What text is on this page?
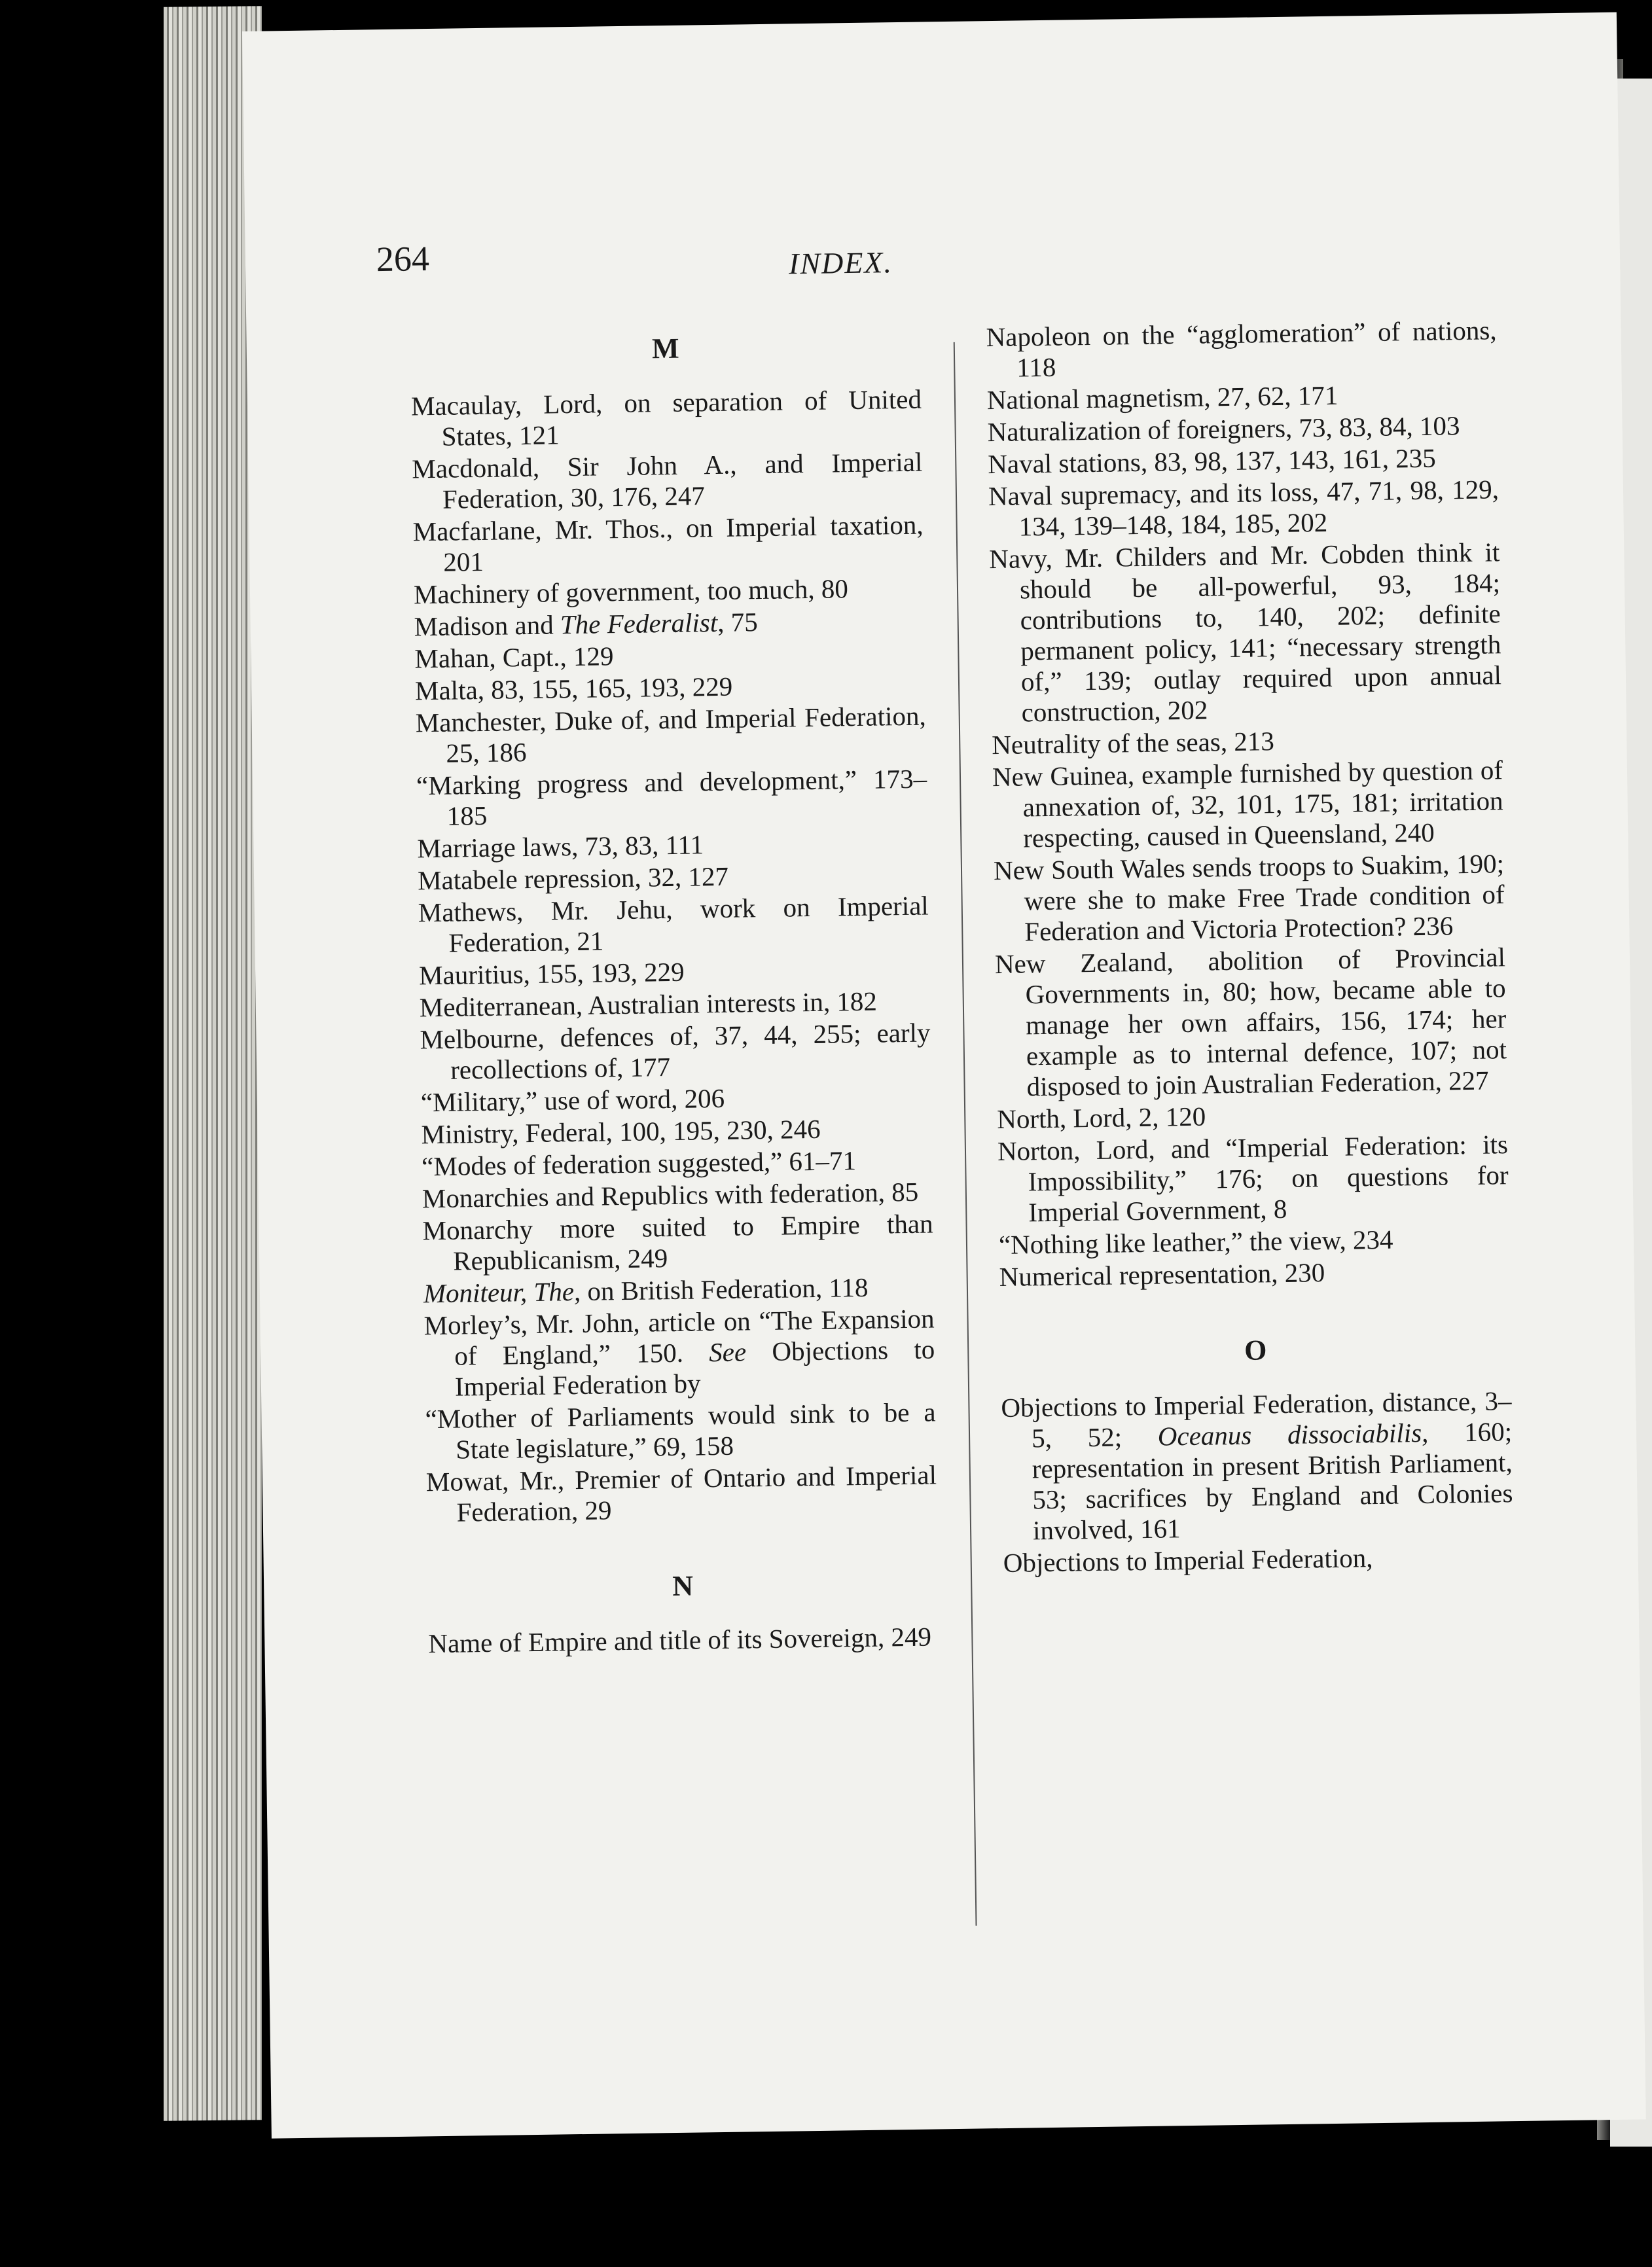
264	INDEX.
M
Macaulay, Lord, on separation of United States, 121
Macdonald, Sir John A., and Imperial Federation, 30, 176, 247
Macfarlane, Mr. Thos., on Imperial taxation, 201
Machinery of government, too much, 80
Madison and The Federalist, 75
Mahan, Capt., 129
Malta, 83, 155, 165, 193, 229
Manchester, Duke of, and Imperial Federation, 25, 186
“Marking progress and development,” 173–185
Marriage laws, 73, 83, 111
Matabele repression, 32, 127
Mathews, Mr. Jehu, work on Imperial Federation, 21
Mauritius, 155, 193, 229
Mediterranean, Australian interests in, 182
Melbourne, defences of, 37, 44, 255; early recollections of, 177
“Military,” use of word, 206
Ministry, Federal, 100, 195, 230, 246
“Modes of federation suggested,” 61–71
Monarchies and Republics with federation, 85
Monarchy more suited to Empire than Republicanism, 249
Moniteur, The, on British Federation, 118
Morley’s, Mr. John, article on “The Expansion of England,” 150. See Objections to Imperial Federation by
“Mother of Parliaments would sink to be a State legislature,” 69, 158
Mowat, Mr., Premier of Ontario and Imperial Federation, 29
N
Name of Empire and title of its Sovereign, 249
Napoleon on the “agglomeration” of nations, 118
National magnetism, 27, 62, 171
Naturalization of foreigners, 73, 83, 84, 103
Naval stations, 83, 98, 137, 143, 161, 235
Naval supremacy, and its loss, 47, 71, 98, 129, 134, 139–148, 184, 185, 202
Navy, Mr. Childers and Mr. Cobden think it should be all-powerful, 93, 184; contributions to, 140, 202; definite permanent policy, 141; “necessary strength of,” 139; outlay required upon annual construction, 202
Neutrality of the seas, 213
New Guinea, example furnished by question of annexation of, 32, 101, 175, 181; irritation respecting, caused in Queensland, 240
New South Wales sends troops to Suakim, 190; were she to make Free Trade condition of Federation and Victoria Protection? 236
New Zealand, abolition of Provincial Governments in, 80; how, became able to manage her own affairs, 156, 174; her example as to internal defence, 107; not disposed to join Australian Federation, 227
North, Lord, 2, 120
Norton, Lord, and “Imperial Federation: its Impossibility,” 176; on questions for Imperial Government, 8
“Nothing like leather,” the view, 234
Numerical representation, 230
O
Objections to Imperial Federation, distance, 3–5, 52; Oceanus dissociabilis, 160; representation in present British Parliament, 53; sacrifices by England and Colonies involved, 161
Objections to Imperial Federation,
